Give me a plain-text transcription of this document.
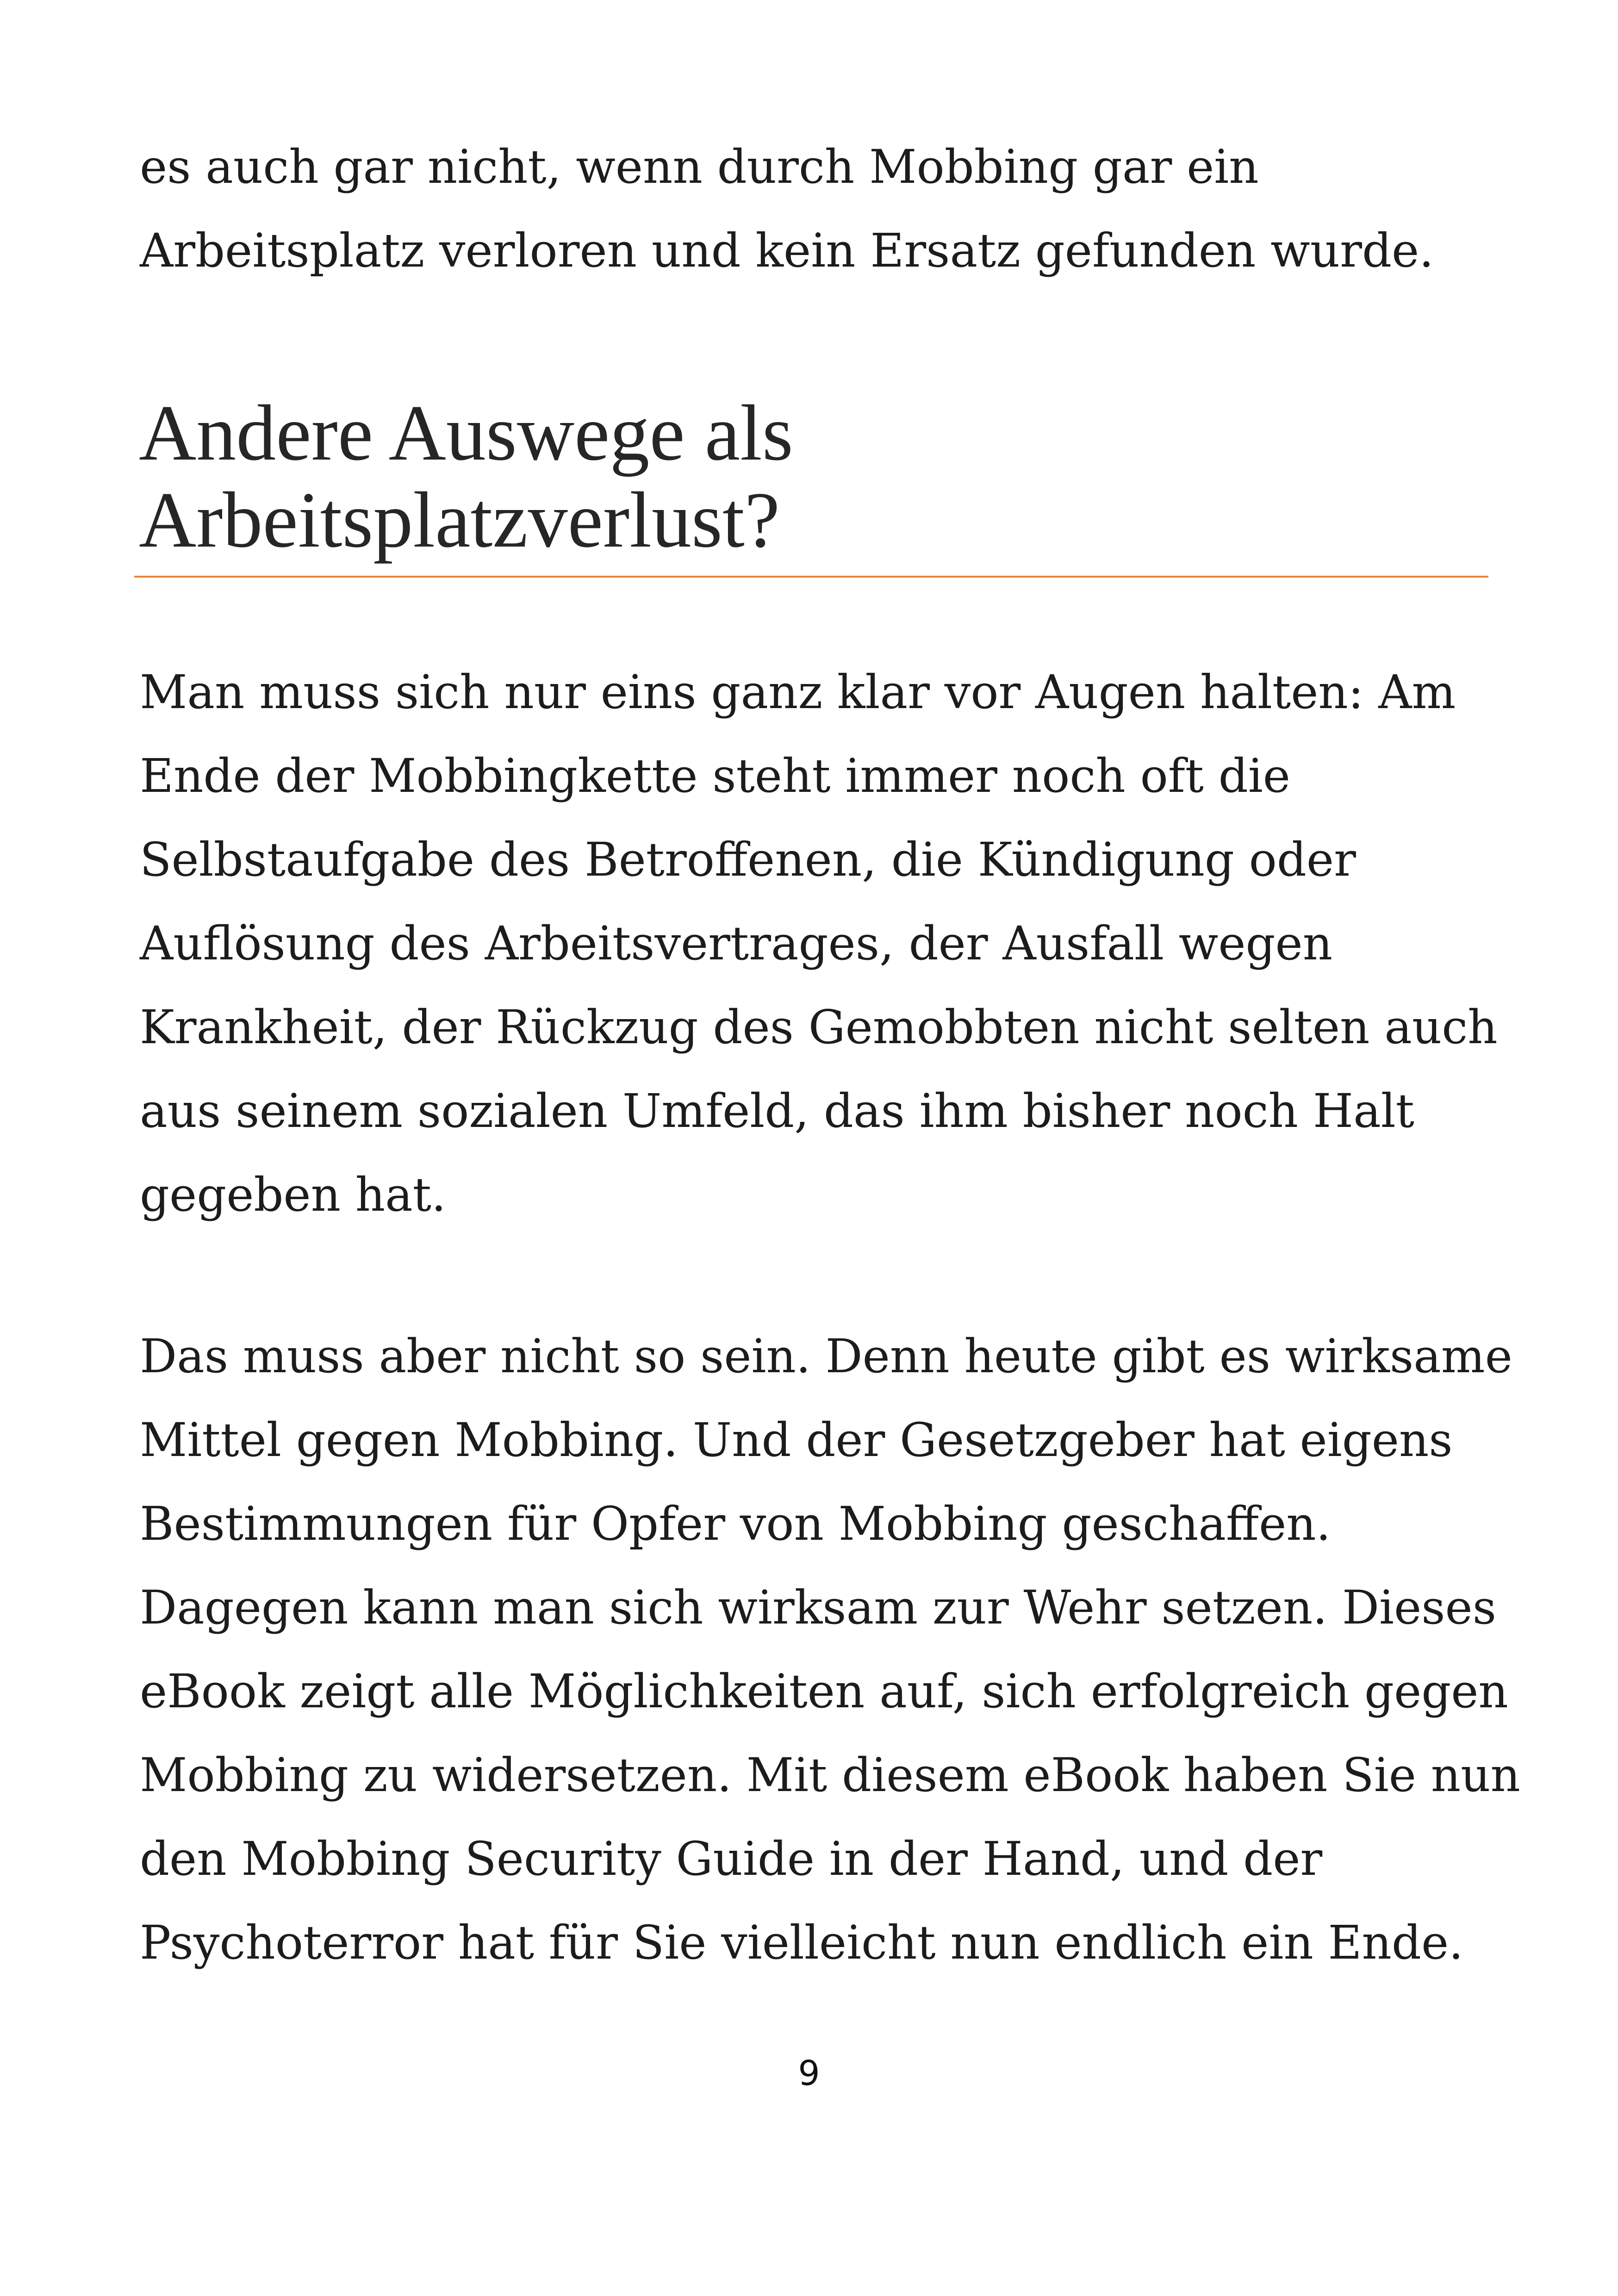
es auch gar nicht, wenn durch Mobbing gar ein
Arbeitsplatz verloren und kein Ersatz gefunden wurde.

Andere Auswege als
Arbeitsplatzverlust?

Man muss sich nur eins ganz klar vor Augen halten: Am
Ende der Mobbingkette steht immer noch oft die
Selbstaufgabe des Betroffenen, die Kündigung oder
Auflösung des Arbeitsvertrages, der Ausfall wegen
Krankheit, der Rückzug des Gemobbten nicht selten auch
aus seinem sozialen Umfeld, das ihm bisher noch Halt
gegeben hat.

Das muss aber nicht so sein. Denn heute gibt es wirksame
Mittel gegen Mobbing. Und der Gesetzgeber hat eigens
Bestimmungen für Opfer von Mobbing geschaffen.
Dagegen kann man sich wirksam zur Wehr setzen. Dieses
eBook zeigt alle Möglichkeiten auf, sich erfolgreich gegen
Mobbing zu widersetzen. Mit diesem eBook haben Sie nun
den Mobbing Security Guide in der Hand, und der
Psychoterror hat für Sie vielleicht nun endlich ein Ende.

9
